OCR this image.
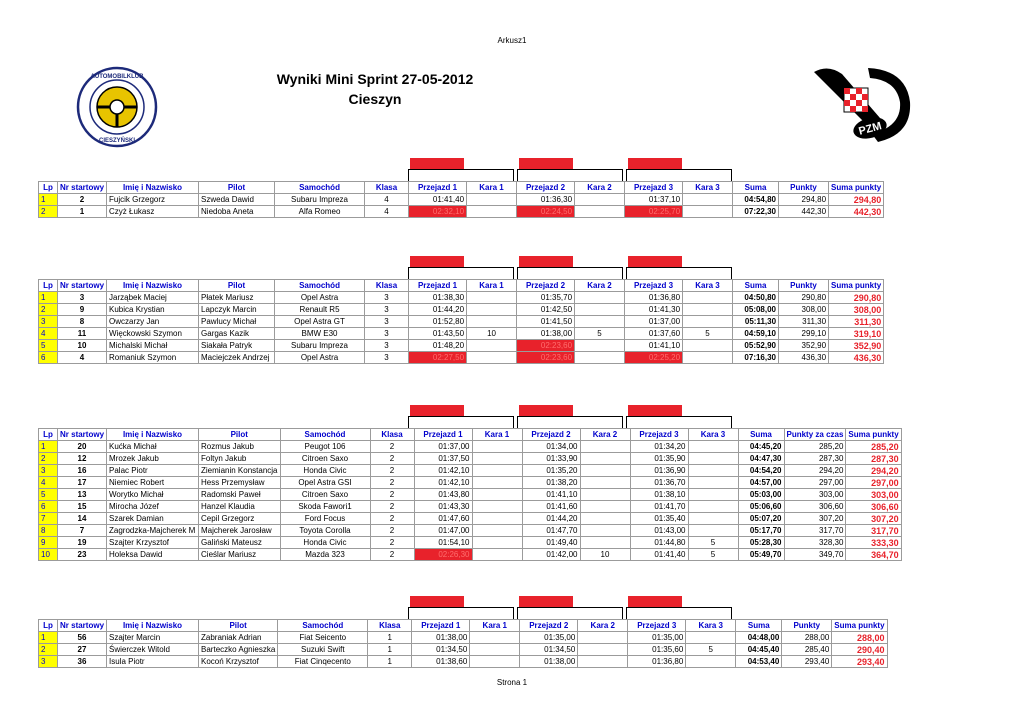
Arkusz1
AUTOMOBILKLUB
CIESZYŃSKI
PZM
Wyniki Mini Sprint 27-05-2012
Cieszyn
Lp	Nr startowy	Imię i Nazwisko	Pilot	Samochód	Klasa	Przejazd 1	Kara 1	Przejazd 2	Kara 2	Przejazd 3	Kara 3	Suma	Punkty	Suma punkty
1	2	Fujcik Grzegorz	Szweda Dawid	Subaru Impreza	4	01:41,40		01:36,30		01:37,10		04:54,80	294,80	294,80
2	1	Czyż Łukasz	Niedoba Aneta	Alfa Romeo	4	02:32,10		02:24,50		02:25,70		07:22,30	442,30	442,30
Lp	Nr startowy	Imię i Nazwisko	Pilot	Samochód	Klasa	Przejazd 1	Kara 1	Przejazd 2	Kara 2	Przejazd 3	Kara 3	Suma	Punkty	Suma punkty
1	3	Jarząbek Maciej	Płatek Mariusz	Opel Astra	3	01:38,30		01:35,70		01:36,80		04:50,80	290,80	290,80
2	9	Kubica Krystian	Lapczyk Marcin	Renault R5	3	01:44,20		01:42,50		01:41,30		05:08,00	308,00	308,00
3	8	Owczarzy Jan	Pawlucy Michał	Opel Astra GT	3	01:52,80		01:41,50		01:37,00		05:11,30	311,30	311,30
4	11	Więckowski Szymon	Gargas Kazik	BMW E30	3	01:43,50	10	01:38,00	5	01:37,60	5	04:59,10	299,10	319,10
5	10	Michalski Michał	Siakała Patryk	Subaru Impreza	3	01:48,20		02:23,60		01:41,10		05:52,90	352,90	352,90
6	4	Romaniuk Szymon	Maciejczek Andrzej	Opel Astra	3	02:27,50		02:23,60		02:25,20		07:16,30	436,30	436,30
Lp	Nr startowy	Imię i Nazwisko	Pilot	Samochód	Klasa	Przejazd 1	Kara 1	Przejazd 2	Kara 2	Przejazd 3	Kara 3	Suma	Punkty za czas	Suma punkty
1	20	Kućka Michał	Rozmus Jakub	Peugot 106	2	01:37,00		01:34,00		01:34,20		04:45,20	285,20	285,20
2	12	Mrozek Jakub	Foltyn Jakub	Citroen Saxo	2	01:37,50		01:33,90		01:35,90		04:47,30	287,30	287,30
3	16	Palac Piotr	Ziemianin Konstancja	Honda Civic	2	01:42,10		01:35,20		01:36,90		04:54,20	294,20	294,20
4	17	Niemiec Robert	Hess Przemysław	Opel Astra GSI	2	01:42,10		01:38,20		01:36,70		04:57,00	297,00	297,00
5	13	Worytko Michał	Radomski Paweł	Citroen Saxo	2	01:43,80		01:41,10		01:38,10		05:03,00	303,00	303,00
6	15	Mirocha Józef	Hanzel Klaudia	Skoda Fawori1	2	01:43,30		01:41,60		01:41,70		05:06,60	306,60	306,60
7	14	Szarek Damian	Cepil Grzegorz	Ford Focus	2	01:47,60		01:44,20		01:35,40		05:07,20	307,20	307,20
8	7	Zagrodzka-Majcherek M	Majcherek Jarosław	Toyota Corolla	2	01:47,00		01:47,70		01:43,00		05:17,70	317,70	317,70
9	19	Szajter Krzysztof	Galiński Mateusz	Honda Civic	2	01:54,10		01:49,40		01:44,80	5	05:28,30	328,30	333,30
10	23	Holeksa Dawid	Cieślar Mariusz	Mazda 323	2	02:26,30		01:42,00	10	01:41,40	5	05:49,70	349,70	364,70
Lp	Nr startowy	Imię i Nazwisko	Pilot	Samochód	Klasa	Przejazd 1	Kara 1	Przejazd 2	Kara 2	Przejazd 3	Kara 3	Suma	Punkty	Suma punkty
1	56	Szajter Marcin	Zabraniak Adrian	Fiat Seicento	1	01:38,00		01:35,00		01:35,00		04:48,00	288,00	288,00
2	27	Świerczek Witold	Barteczko Agnieszka	Suzuki Swift	1	01:34,50		01:34,50		01:35,60	5	04:45,40	285,40	290,40
3	36	Isula Piotr	Kocoń Krzysztof	Fiat Cinqecento	1	01:38,60		01:38,00		01:36,80		04:53,40	293,40	293,40
Strona 1
